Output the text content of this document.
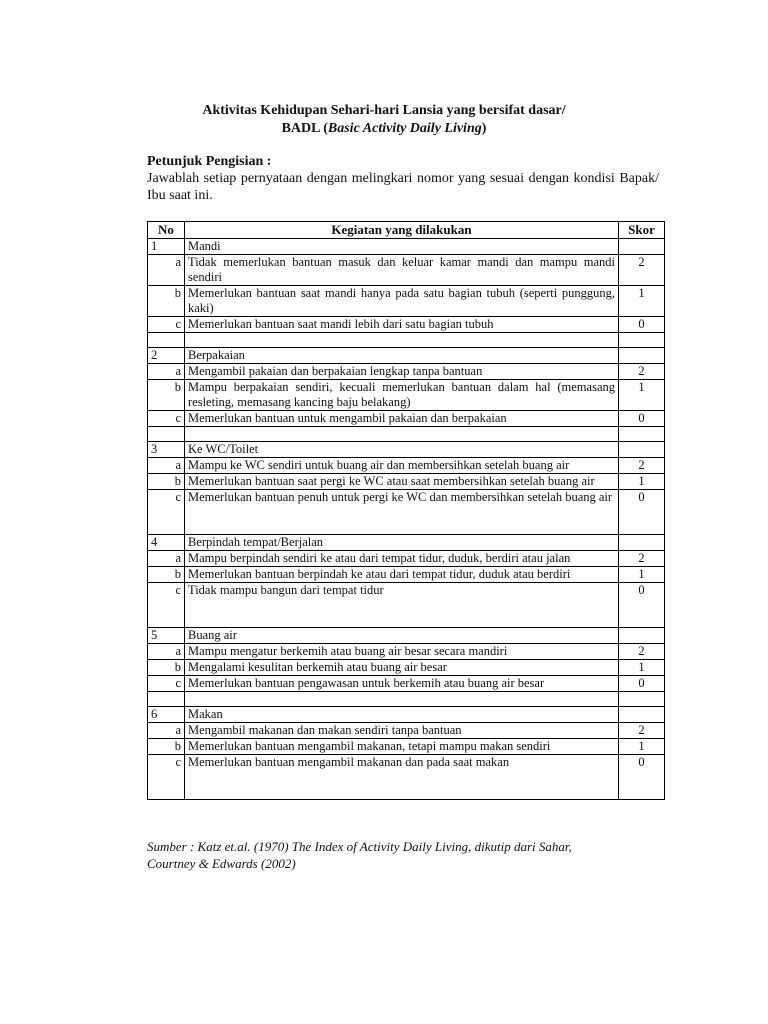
Aktivitas Kehidupan Sehari-hari Lansia yang bersifat dasar/
BADL (Basic Activity Daily Living)
Petunjuk Pengisian :
Jawablah setiap pernyataan dengan melingkari nomor yang sesuai dengan kondisi Bapak/ Ibu saat ini.
No	Kegiatan yang dilakukan	Skor
1	Mandi	
a	Tidak memerlukan bantuan masuk dan keluar kamar mandi dan mampu mandi sendiri	2
b	Memerlukan bantuan saat mandi hanya pada satu bagian tubuh (seperti punggung, kaki)	1
c	Memerlukan bantuan saat mandi lebih dari satu bagian tubuh	0

2	Berpakaian	
a	Mengambil pakaian dan berpakaian lengkap tanpa bantuan	2
b	Mampu berpakaian sendiri, kecuali memerlukan bantuan dalam hal (memasang resleting, memasang kancing baju belakang)	1
c	Memerlukan bantuan untuk mengambil pakaian dan berpakaian	0

3	Ke WC/Toilet	
a	Mampu ke WC sendiri untuk buang air dan membersihkan setelah buang air	2
b	Memerlukan bantuan saat pergi ke WC atau saat membersihkan setelah buang air	1
c	Memerlukan bantuan penuh untuk pergi ke WC dan membersihkan setelah buang air	0
4	Berpindah tempat/Berjalan	
a	Mampu berpindah sendiri ke atau dari tempat tidur, duduk, berdiri atau jalan	2
b	Memerlukan bantuan berpindah ke atau dari tempat tidur, duduk atau berdiri	1
c	Tidak mampu bangun dari tempat tidur	0
5	Buang air	
a	Mampu mengatur berkemih atau buang air besar secara mandiri	2
b	Mengalami kesulitan berkemih atau buang air besar	1
c	Memerlukan bantuan pengawasan untuk berkemih atau buang air besar	0

6	Makan	
a	Mengambil makanan dan makan sendiri tanpa bantuan	2
b	Memerlukan bantuan mengambil makanan, tetapi mampu makan sendiri	1
c	Memerlukan bantuan mengambil makanan dan pada saat makan	0
Sumber : Katz et.al. (1970) The Index of Activity Daily Living, dikutip dari Sahar, Courtney & Edwards (2002)
